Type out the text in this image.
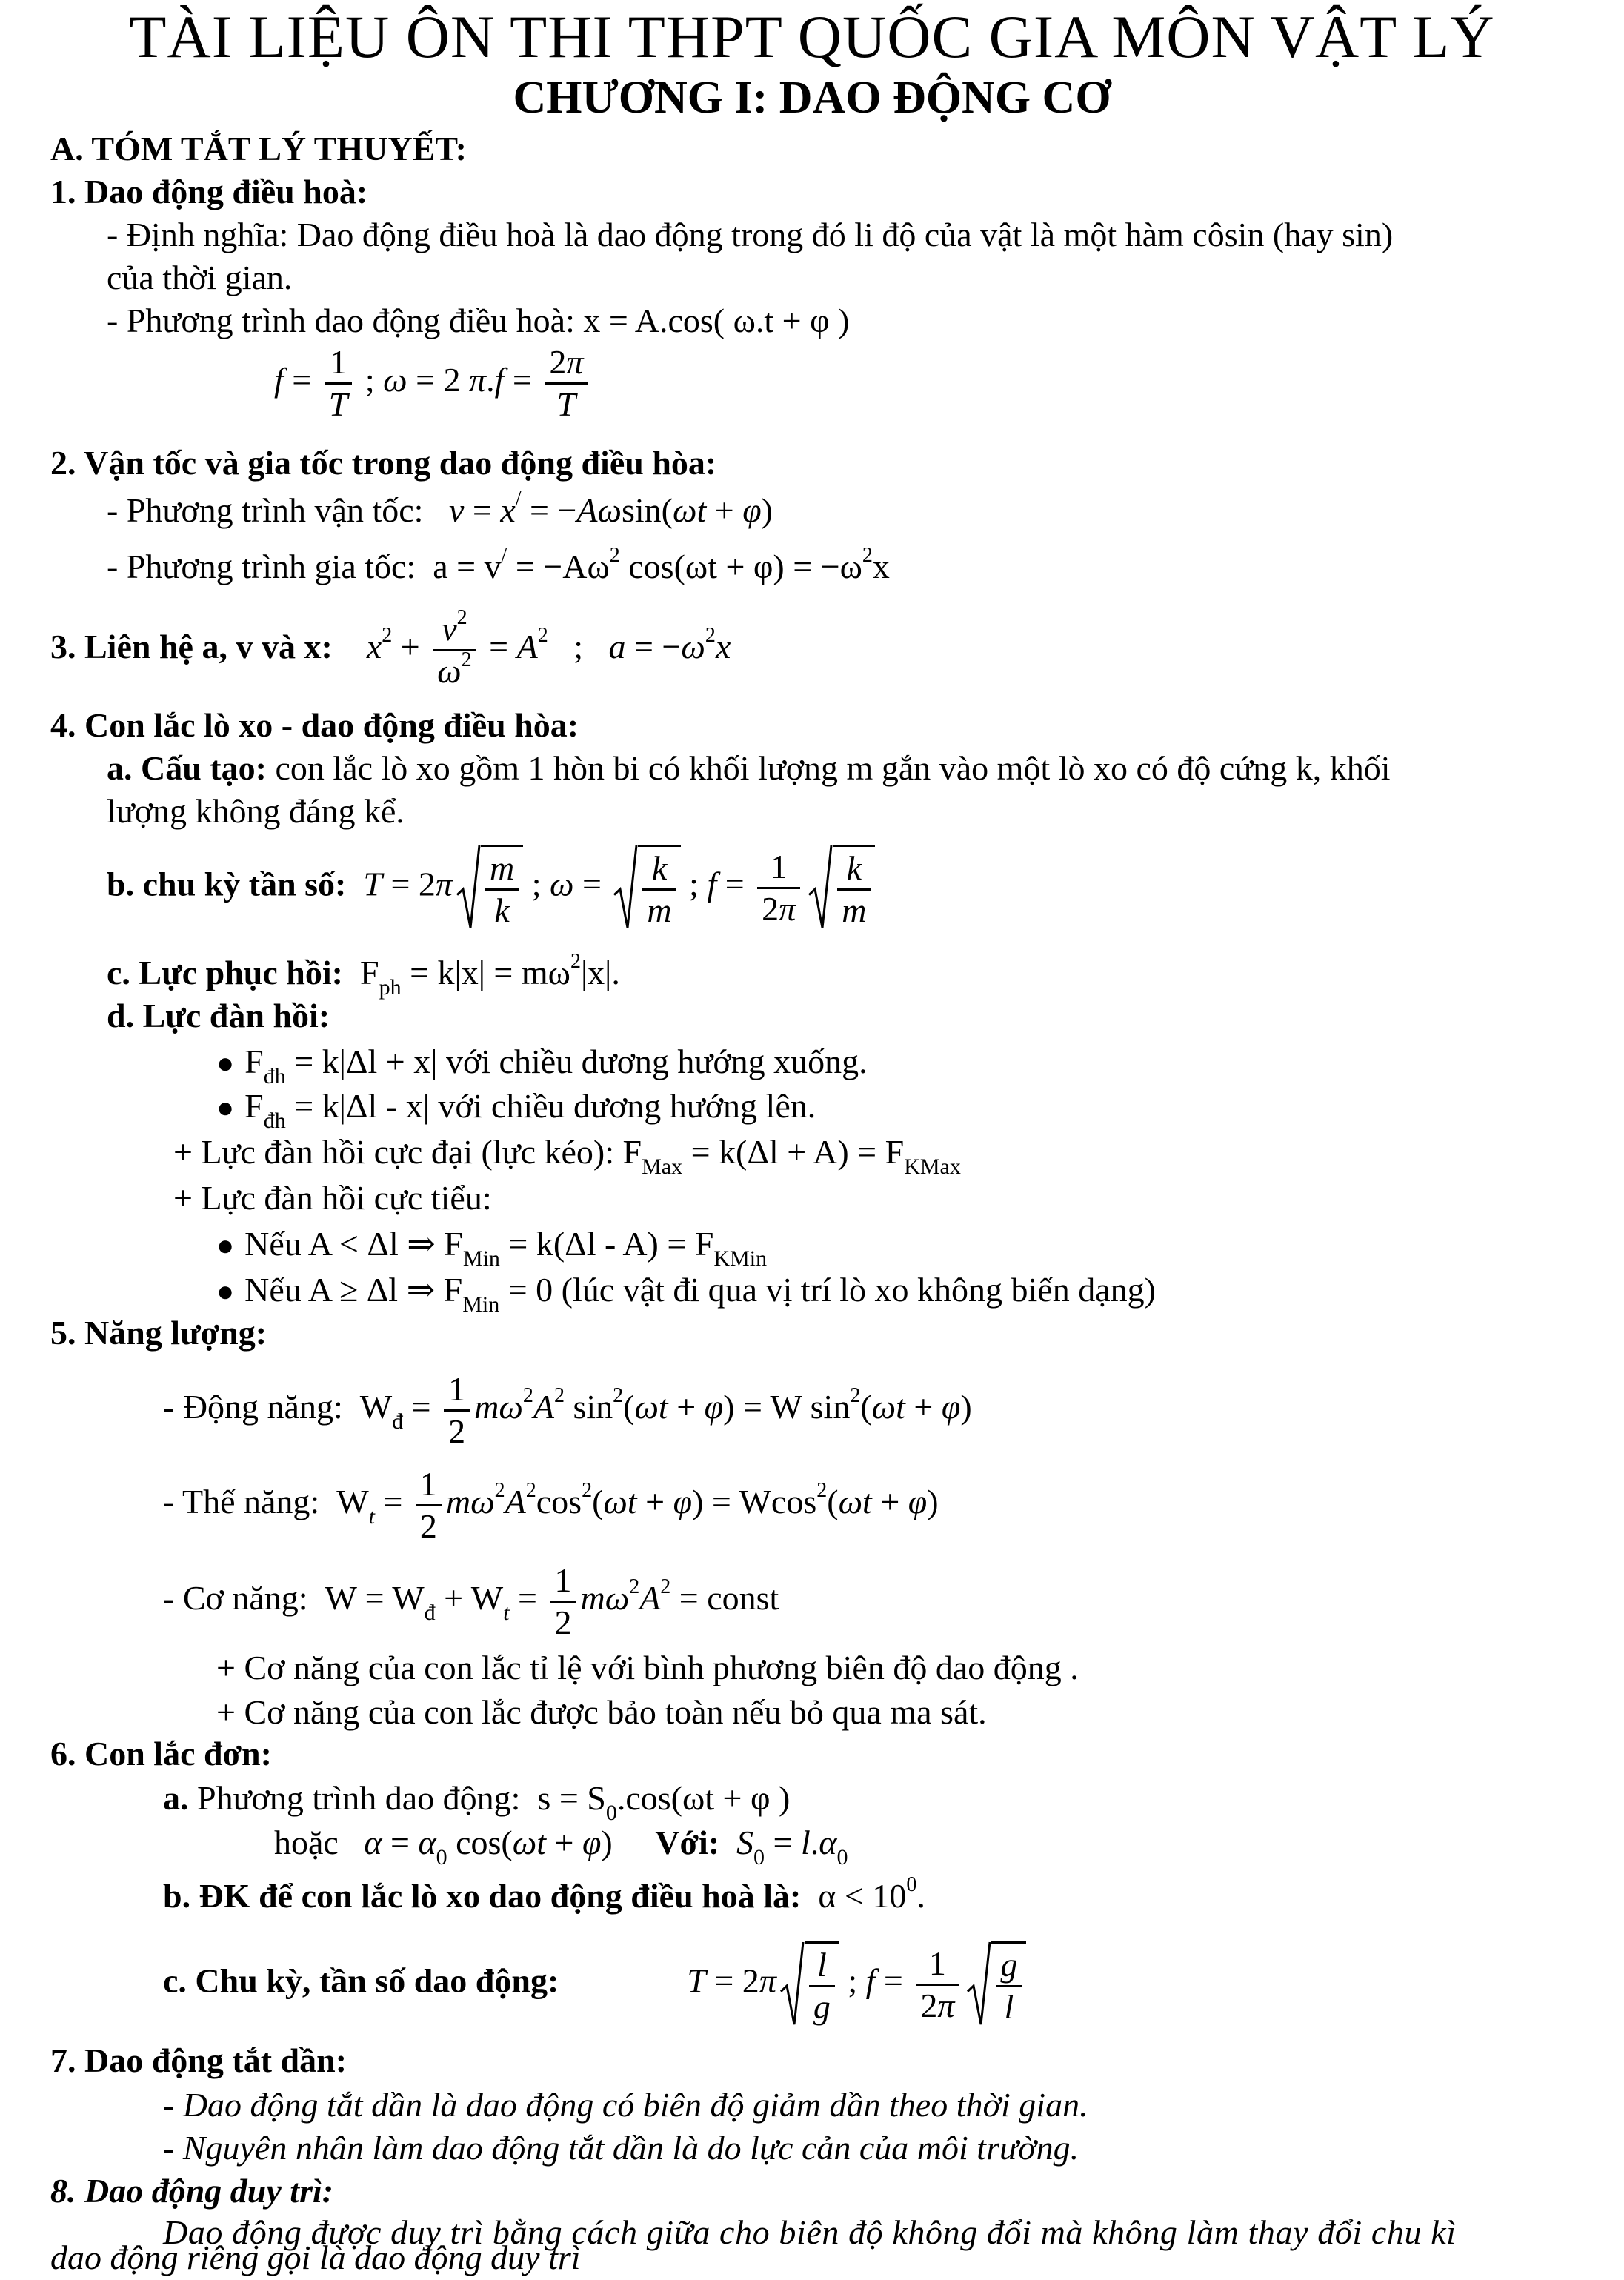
TÀI LIỆU ÔN THI THPT QUỐC GIA MÔN VẬT LÝ
CHƯƠNG I: DAO ĐỘNG CƠ
A. TÓM TẮT LÝ THUYẾT:
1. Dao động điều hoà:
- Định nghĩa: Dao động điều hoà là dao động trong đó li độ của vật là một hàm côsin (hay sin)
của thời gian.
- Phương trình dao động điều hoà: x = A.cos( ω.t + φ )
$f = \frac{1}{T}$ ; ω = 2 $\pi.f = \frac{2\pi}{T}$
2. Vận tốc và gia tốc trong dao động điều hòa:
- Phương trình vận tốc: v = x/ = −Aωsin(ωt + φ)
- Phương trình gia tốc:  $a = v^/ = -A\omega^2$ $\cos(\omega t + \varphi) = -\omega^2x$
3. Liên hệ a, v và x: $x^2 + \frac{v^2}{\omega^2} = A^2$   ;   $a = -\omega^2x$
4. Con lắc lò xo - dao động điều hòa:
a. Cấu tạo: con lắc lò xo gồm 1 hòn bi có khối lượng m gắn vào một lò xo có độ cứng k, khối
lượng không đáng kể.
b. chu kỳ tần số: $T = 2\pi \frac{m}{k}$ ; $\omega = \frac{k}{m}$ ; $f = \frac{1}{2\pi} \frac{k}{m}$
c. Lực phục hồi:  $F_{ph} = k|x| = m\omega^2|x|$.
d. Lực đàn hồi:
● $F_{đh} = k|\Delta l + x|$ với chiều dương hướng xuống.
● $F_{đh} = k|\Delta l - x|$ với chiều dương hướng lên.
+ Lực đàn hồi cực đại (lực kéo): $F_{Max} = k(\Delta l + A) = F_{KMax}$
+ Lực đàn hồi cực tiểu:
● Nếu A < Δl ⇒ $F_{Min} = k(\Delta l - A) = F_{KMin}$
● Nếu A ≥ Δl ⇒ $F_{Min} = 0$ (lúc vật đi qua vị trí lò xo không biến dạng)
5. Năng lượng:
- Động năng:  $W_đ = \frac{1}{2} m\omega^2A^2$ $\sin^2(\omega t + \varphi) = W$ $\sin^2(\omega t + \varphi)$
- Thế năng:  $W_t = \frac{1}{2} m\omega^2A^2\cos^2(\omega t + \varphi) = Wcos^2(\omega t + \varphi)$
- Cơ năng:  $W = W_đ + W_t = \frac{1}{2} m\omega^2A^2$ = const
+ Cơ năng của con lắc tỉ lệ với bình phương biên độ dao động .
+ Cơ năng của con lắc được bảo toàn nếu bỏ qua ma sát.
6. Con lắc đơn:
a. Phương trình dao động:  $s = S_0.\cos(\omega t + \varphi$ )
hoặc $\alpha = \alpha_0$ cos(ωt + φ)     Với: $S_0 = l.\alpha_0$
b. ĐK để con lắc lò xo dao động điều hoà là:  $\alpha < 10^0$.
c. Chu kỳ, tần số dao động:	$T = 2\pi \frac{l}{g}$ ; $f = \frac{1}{2\pi} \frac{g}{l}$
7. Dao động tắt dần:
- Dao động tắt dần là dao động có biên độ giảm dần theo thời gian.
- Nguyên nhân làm dao động tắt dần là do lực cản của môi trường.
8. Dao động duy trì:
Dao động được duy trì bằng cách giữa cho biên độ không đổi mà không làm thay đổi chu kì
dao động riêng gọi là dao động duy trì
